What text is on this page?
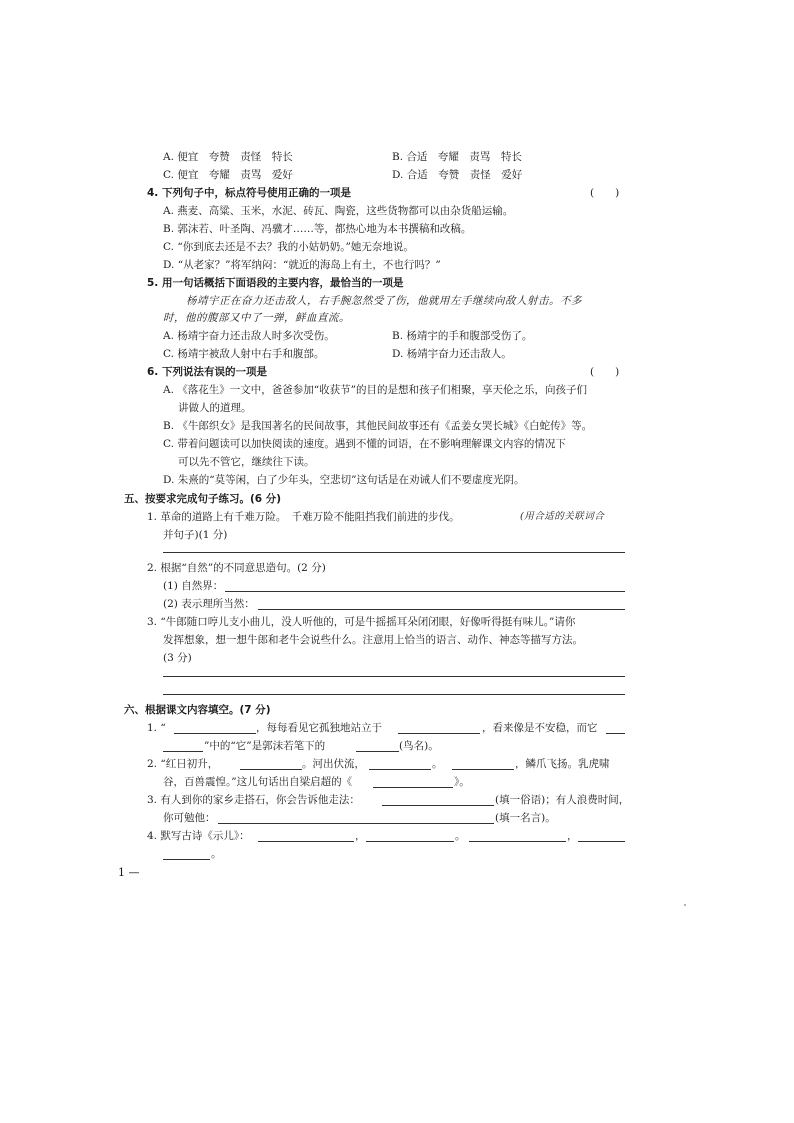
A. 便宜　夸赞　责怪　特长	B. 合适　夸耀　责骂　特长
C. 便宜　夸耀　责骂　爱好	D. 合适　夸赞　责怪　爱好
4. 下列句子中，标点符号使用正确的一项是	(　　)
A. 燕麦、高粱、玉米，水泥、砖瓦、陶瓷，这些货物都可以由杂货船运输。
B. 郭沫若、叶圣陶、冯骥才……等，都热心地为本书撰稿和改稿。
C. “你到底去还是不去？我的小姑奶奶。”她无奈地说。
D. “从老家？”将军纳闷：“就近的海岛上有土，不也行吗？”
5. 用一句话概括下面语段的主要内容，最恰当的一项是
杨靖宇正在奋力还击敌人，右手腕忽然受了伤，他就用左手继续向敌人射击。不多
时，他的腹部又中了一弹，鲜血直流。
A. 杨靖宇奋力还击敌人时多次受伤。	B. 杨靖宇的手和腹部受伤了。
C. 杨靖宇被敌人射中右手和腹部。	D. 杨靖宇奋力还击敌人。
6. 下列说法有误的一项是	(　　)
A. 《落花生》一文中，爸爸参加“收获节”的目的是想和孩子们相聚，享天伦之乐，向孩子们
讲做人的道理。
B. 《牛郎织女》是我国著名的民间故事，其他民间故事还有《孟姜女哭长城》《白蛇传》等。
C. 带着问题读可以加快阅读的速度。遇到不懂的词语，在不影响理解课文内容的情况下
可以先不管它，继续往下读。
D. 朱熹的“莫等闲，白了少年头，空悲切”这句话是在劝诫人们不要虚度光阴。
五、按要求完成句子练习。(6 分)
1. 革命的道路上有千难万险。　千难万险不能阻挡我们前进的步伐。	(用合适的关联词合
并句子)(1 分)
2. 根据“自然”的不同意思造句。(2 分)
(1) 自然界：
(2) 表示理所当然：
3. “牛郎随口哼儿支小曲儿，没人听他的，可是牛摇摇耳朵闭闭眼，好像听得挺有味儿。”请你
发挥想象，想一想牛郎和老牛会说些什么。注意用上恰当的语言、动作、神态等描写方法。
(3 分)
六、根据课文内容填空。(7 分)
1. “	，每每看见它孤独地站立于	，看来像是不安稳，而它
”中的“它”是郭沫若笔下的	(鸟名)。
2. “红日初升，	。河出伏流，	。	，鳞爪飞扬。乳虎啸
谷，百兽震惶。”这儿句话出自梁启超的《	》。
3. 有人到你的家乡走搭石，你会告诉他走法：	(填一俗语)；有人浪费时间，
你可勉他：	(填一名言)。
4. 默写古诗《示儿》：	，	。	，
。
1 —
